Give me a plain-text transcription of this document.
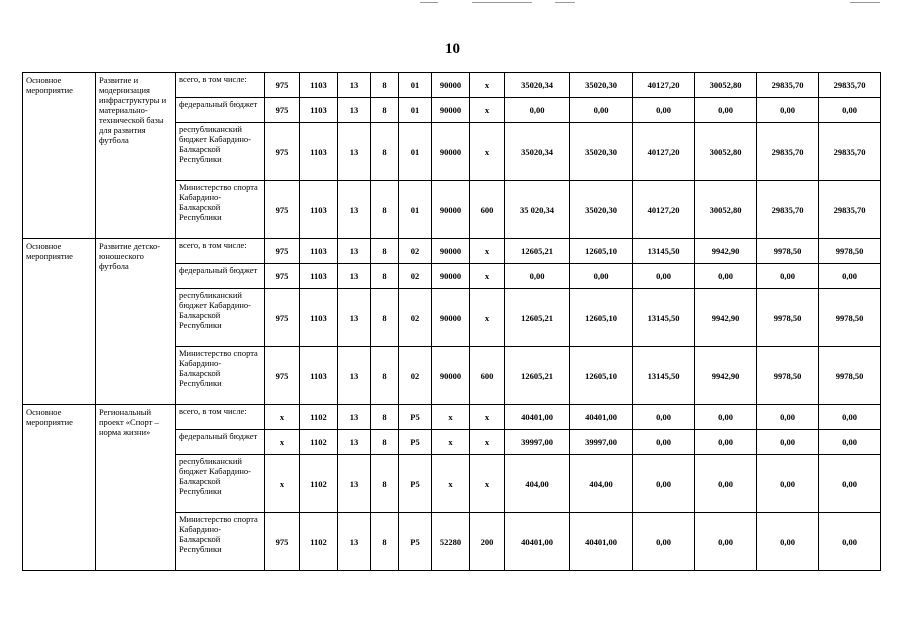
10
Основное мероприятие	Развитие и модернизация инфраструктуры и материально-технической базы для развития футбола	всего, в том числе:	975	1103	13	8	01	90000	х	35020,34	35020,30	40127,20	30052,80	29835,70	29835,70
		федеральный бюджет	975	1103	13	8	01	90000	х	0,00	0,00	0,00	0,00	0,00	0,00
		республиканский бюджет Кабардино-Балкарской Республики	975	1103	13	8	01	90000	х	35020,34	35020,30	40127,20	30052,80	29835,70	29835,70
		Министерство спорта Кабардино-Балкарской Республики	975	1103	13	8	01	90000	600	35 020,34	35020,30	40127,20	30052,80	29835,70	29835,70
Основное мероприятие	Развитие детско-юношеского футбола	всего, в том числе:	975	1103	13	8	02	90000	х	12605,21	12605,10	13145,50	9942,90	9978,50	9978,50
		федеральный бюджет	975	1103	13	8	02	90000	х	0,00	0,00	0,00	0,00	0,00	0,00
		республиканский бюджет Кабардино-Балкарской Республики	975	1103	13	8	02	90000	х	12605,21	12605,10	13145,50	9942,90	9978,50	9978,50
		Министерство спорта Кабардино-Балкарской Республики	975	1103	13	8	02	90000	600	12605,21	12605,10	13145,50	9942,90	9978,50	9978,50
Основное мероприятие	Региональный проект «Спорт – норма жизни»	всего, в том числе:	х	1102	13	8	Р5	х	х	40401,00	40401,00	0,00	0,00	0,00	0,00
		федеральный бюджет	х	1102	13	8	Р5	х	х	39997,00	39997,00	0,00	0,00	0,00	0,00
		республиканский бюджет Кабардино-Балкарской Республики	х	1102	13	8	Р5	х	х	404,00	404,00	0,00	0,00	0,00	0,00
		Министерство спорта Кабардино-Балкарской Республики	975	1102	13	8	Р5	52280	200	40401,00	40401,00	0,00	0,00	0,00	0,00
